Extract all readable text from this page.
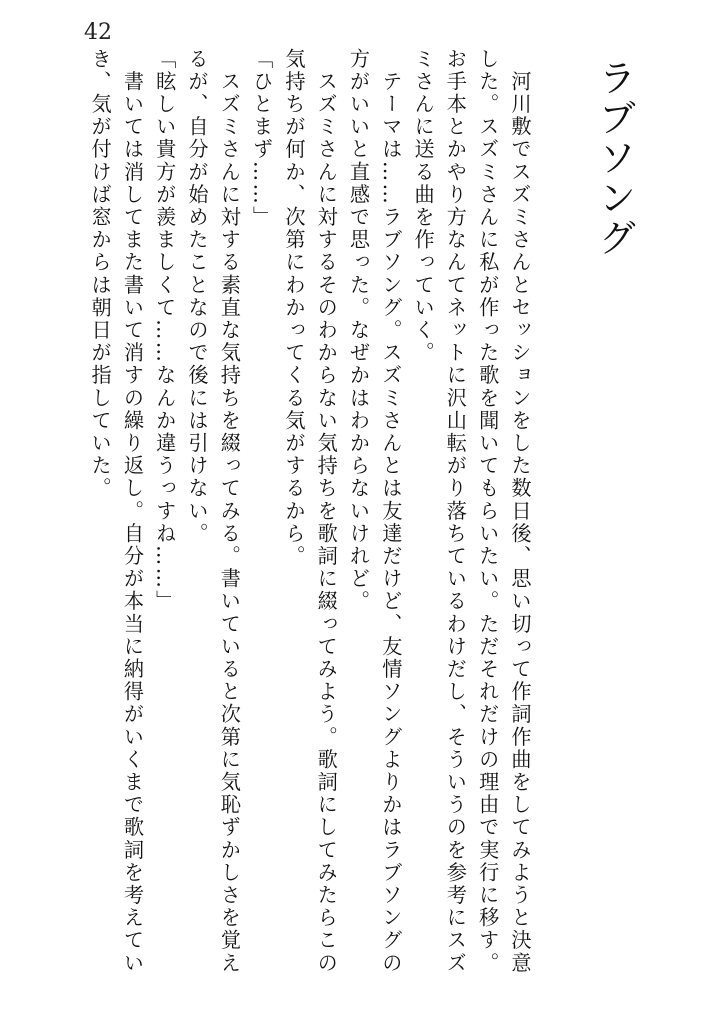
42
ラブソング

　河川敷でスズミさんとセッションをした数日後、思い切って作詞作曲をしてみようと決意した。スズミさんに私が作った歌を聞いてもらいたい。ただそれだけの理由で実行に移す。お手本とかやり方なんてネットに沢山転がり落ちているわけだし、そういうのを参考にスズミさんに送る曲を作っていく。

　テーマは……ラブソング。スズミさんとは友達だけど、友情ソングよりかはラブソングの方がいいと直感で思った。なぜかはわからないけれど。

　スズミさんに対するそのわからない気持ちを歌詞に綴ってみよう。歌詞にしてみたらこの気持ちが何か、次第にわかってくる気がするから。

「ひとまず……」

　スズミさんに対する素直な気持ちを綴ってみる。書いていると次第に気恥ずかしさを覚えるが、自分が始めたことなので後には引けない。

「眩しい貴方が羨ましくて……なんか違うっすね……」

　書いては消してまた書いて消すの繰り返し。自分が本当に納得がいくまで歌詞を考えていき、気が付けば窓からは朝日が指していた。
